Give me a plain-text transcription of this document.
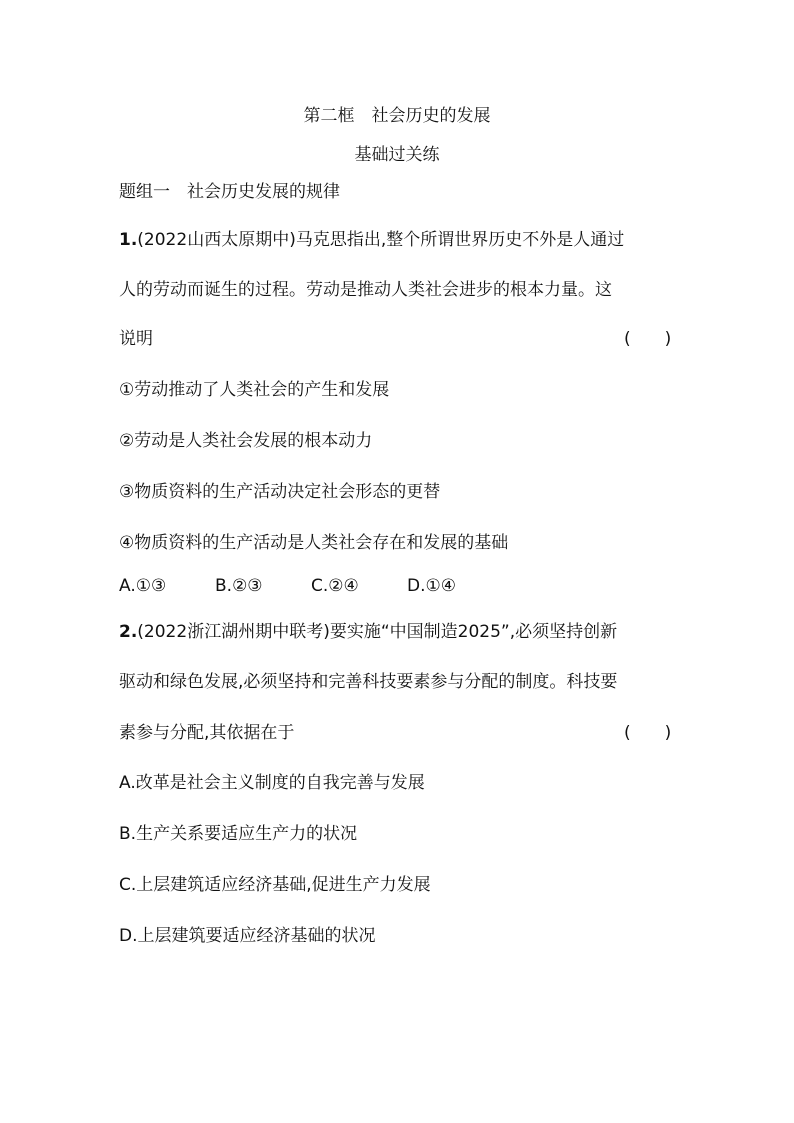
第二框　社会历史的发展
基础过关练
题组一　社会历史发展的规律
1.(2022山西太原期中)马克思指出,整个所谓世界历史不外是人通过
人的劳动而诞生的过程。劳动是推动人类社会进步的根本力量。这
说明	(　　)
①劳动推动了人类社会的产生和发展
②劳动是人类社会发展的根本动力
③物质资料的生产活动决定社会形态的更替
④物质资料的生产活动是人类社会存在和发展的基础
A.①③	B.②③	C.②④	D.①④
2.(2022浙江湖州期中联考)要实施“中国制造2025”,必须坚持创新
驱动和绿色发展,必须坚持和完善科技要素参与分配的制度。科技要
素参与分配,其依据在于	(　　)
A.改革是社会主义制度的自我完善与发展
B.生产关系要适应生产力的状况
C.上层建筑适应经济基础,促进生产力发展
D.上层建筑要适应经济基础的状况
